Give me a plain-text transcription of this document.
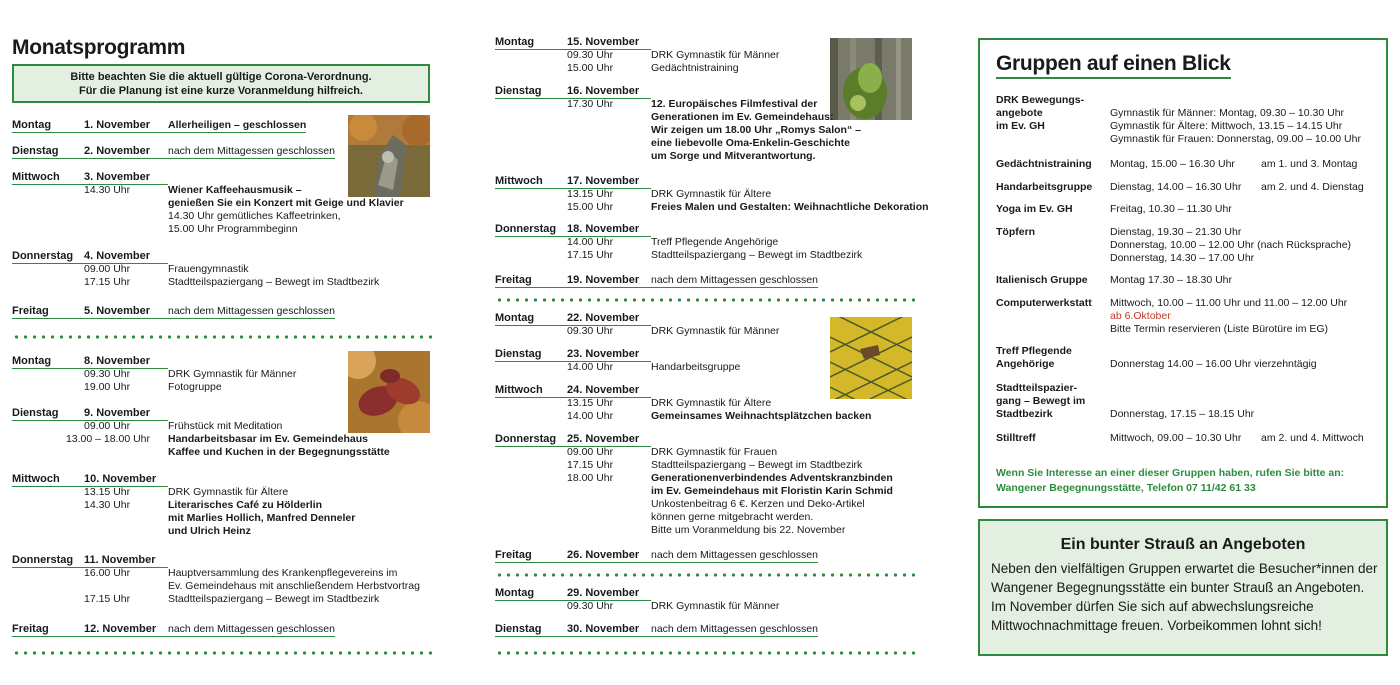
Monatsprogramm
Bitte beachten Sie die aktuell gültige Corona-Verordnung.
Für die Planung ist eine kurze Voranmeldung hilfreich.
Montag	1. November	Allerheiligen – geschlossen
Dienstag	2. November	nach dem Mittagessen geschlossen
Mittwoch	3. November
14.30 Uhr	Wiener Kaffeehausmusik –
genießen Sie ein Konzert mit Geige und Klavier
14.30 Uhr gemütliches Kaffeetrinken,
15.00 Uhr Programmbeginn
Donnerstag 4. November
09.00 Uhr	Frauengymnastik
17.15 Uhr	Stadtteilspaziergang – Bewegt im Stadtbezirk
Freitag	5. November	nach dem Mittagessen geschlossen
Montag	8. November
09.30 Uhr	DRK Gymnastik für Männer
19.00 Uhr	Fotogruppe
Dienstag	9. November
09.00 Uhr	Frühstück mit Meditation
13.00 – 18.00 Uhr	Handarbeitsbasar im Ev. Gemeindehaus
Kaffee und Kuchen in der Begegnungsstätte
Mittwoch	10. November
13.15 Uhr	DRK Gymnastik für Ältere
14.30 Uhr	Literarisches Café zu Hölderlin
mit Marlies Hollich, Manfred Denneler
und Ulrich Heinz
Donnerstag 11. November
16.00 Uhr	Hauptversammlung des Krankenpflegevereins im
Ev. Gemeindehaus mit anschließendem Herbstvortrag
17.15 Uhr	Stadtteilspaziergang – Bewegt im Stadtbezirk
Freitag	12. November	nach dem Mittagessen geschlossen
Montag	15. November
09.30 Uhr	DRK Gymnastik für Männer
15.00 Uhr	Gedächtnistraining
Dienstag	16. November
17.30 Uhr	12. Europäisches Filmfestival der
Generationen im Ev. Gemeindehaus:
Wir zeigen um 18.00 Uhr „Romys Salon“ –
eine liebevolle Oma-Enkelin-Geschichte
um Sorge und Mitverantwortung.
Mittwoch	17. November
13.15 Uhr	DRK Gymnastik für Ältere
15.00 Uhr	Freies Malen und Gestalten: Weihnachtliche Dekoration
Donnerstag 18. November
14.00 Uhr	Treff Pflegende Angehörige
17.15 Uhr	Stadtteilspaziergang – Bewegt im Stadtbezirk
Freitag	19. November	nach dem Mittagessen geschlossen
Montag	22. November
09.30 Uhr	DRK Gymnastik für Männer
Dienstag	23. November
14.00 Uhr	Handarbeitsgruppe
Mittwoch	24. November
13.15 Uhr	DRK Gymnastik für Ältere
14.00 Uhr	Gemeinsames Weihnachtsplätzchen backen
Donnerstag 25. November
09.00 Uhr	DRK Gymnastik für Frauen
17.15 Uhr	Stadtteilspaziergang – Bewegt im Stadtbezirk
18.00 Uhr	Generationenverbindendes Adventskranzbinden
im Ev. Gemeindehaus mit Floristin Karin Schmid
Unkostenbeitrag 6 €. Kerzen und Deko-Artikel
können gerne mitgebracht werden.
Bitte um Voranmeldung bis 22. November
Freitag	26. November	nach dem Mittagessen geschlossen
Montag	29. November
09.30 Uhr	DRK Gymnastik für Männer
Dienstag	30. November	nach dem Mittagessen geschlossen
Gruppen auf einen Blick
DRK Bewegungs-
angebote
im Ev. GH

Gymnastik für Männer: Montag, 09.30 – 10.30 Uhr
Gymnastik für Ältere: Mittwoch, 13.15 – 14.15 Uhr
Gymnastik für Frauen: Donnerstag, 09.00 – 10.00 Uhr
Gedächtnistraining	Montag, 15.00 – 16.30 Uhr am 1. und 3. Montag
Handarbeitsgruppe	Dienstag, 14.00 – 16.30 Uhr am 2. und 4. Dienstag
Yoga im Ev. GH	Freitag, 10.30 – 11.30 Uhr
Töpfern	Dienstag, 19.30 – 21.30 Uhr
Donnerstag, 10.00 – 12.00 Uhr (nach Rücksprache)
Donnerstag, 14.30 – 17.00 Uhr
Italienisch Gruppe	Montag 17.30 – 18.30 Uhr
Computerwerkstatt	Mittwoch, 10.00 – 11.00 Uhr und 11.00 – 12.00 Uhr
ab 6.Oktober
Bitte Termin reservieren (Liste Bürotüre im EG)
Treff Pflegende
Angehörige
	Donnerstag 14.00 – 16.00 Uhr vierzehntägig
Stadtteilspazier-
gang – Bewegt im
Stadtbezirk

	Donnerstag, 17.15 – 18.15 Uhr
Stilltreff	Mittwoch, 09.00 – 10.30 Uhr am 2. und 4. Mittwoch
Wenn Sie Interesse an einer dieser Gruppen haben, rufen Sie bitte an:
Wangener Begegnungsstätte, Telefon 07 11/42 61 33
Ein bunter Strauß an Angeboten

Neben den vielfältigen Gruppen erwartet die Besucher*innen der Wangener Begegnungsstätte ein bunter Strauß an Angeboten. Im November dürfen Sie sich auf abwechslungsreiche Mittwochnachmittage freuen. Vorbeikommen lohnt sich!
